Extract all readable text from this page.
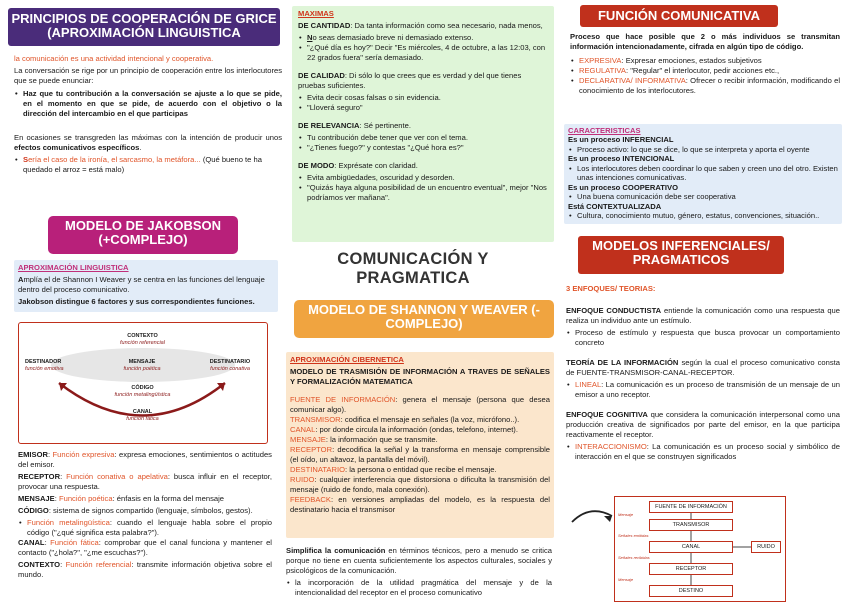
PRINCIPIOS DE COOPERACIÓN DE GRICE (APROXIMACIÓN LINGUISTICA

la comunicación es una actividad intencional y cooperativa.

La conversación se rige por un principio de cooperación entre los interlocutores que se puede enunciar:

• Haz que tu contribución a la conversación se ajuste a lo que se pide, en el momento en que se pide, de acuerdo con el objetivo o la dirección del intercambio en el que participas

En ocasiones se transgreden las máximas con la intención de producir unos efectos comunicativos específicos.

• Sería el caso de la ironía, el sarcasmo, la metáfora... (Qué bueno te ha quedado el arroz = está malo)
MODELO DE JAKOBSON (+COMPLEJO)

APROXIMACIÓN LINGUISTICA

Amplía el de Shannon I Weaver y se centra en las funciones del lenguaje dentro del proceso comunicativo.

Jakobson distingue 6 factores y sus correspondientes funciones.

CONTEXTO
función referencial
DESTINADOR
función emotiva
MENSAJE
función poética
DESTINATARIO
función conativa
CÓDIGO
función metalingüística
CANAL
función fática

EMISOR: Función expresiva: expresa emociones, sentimientos o actitudes del emisor.

RECEPTOR: Función conativa o apelativa: busca influir en el receptor, provocar una respuesta.

MENSAJE: Función poética: énfasis en la forma del mensaje

CÓDIGO: sistema de signos compartido (lenguaje, símbolos, gestos).

• Función metalingüística: cuando el lenguaje habla sobre el propio código ("¿qué significa esta palabra?").

CANAL: Función fática: comprobar que el canal funciona y mantener el contacto ("¿hola?", "¿me escuchas?").

CONTEXTO: Función referencial: transmite información objetiva sobre el mundo.

MAXIMAS

DE CANTIDAD: Da tanta información como sea necesario, nada menos,

• No seas demasiado breve ni demasiado extenso.
• "¿Qué día es hoy?" Decir "Es miércoles, 4 de octubre, a las 12:03, con 22 grados fuera" sería demasiado.

DE CALIDAD: Di sólo lo que crees que es verdad y del que tienes pruebas suficientes.

• Evita decir cosas falsas o sin evidencia.
• "Lloverá seguro"

DE RELEVANCIA: Sé pertinente.

• Tu contribución debe tener que ver con el tema.
• "¿Tienes fuego?" y contestas "¿Qué hora es?"

DE MODO: Exprésate con claridad.

• Evita ambigüedades, oscuridad y desorden.
• "Quizás haya alguna posibilidad de un encuentro eventual", mejor "Nos podríamos ver mañana".
COMUNICACIÓN Y PRAGMATICA
MODELO DE SHANNON Y WEAVER (- COMPLEJO)

APROXIMACIÓN CIBERNETICA

MODELO DE TRASMISIÓN DE INFORMACIÓN A TRAVES DE SEÑALES Y FORMALIZACIÓN MATEMATICA

FUENTE DE INFORMACIÓN: genera el mensaje (persona que desea comunicar algo).

TRANSMISOR: codifica el mensaje en señales (la voz, micrófono..).

CANAL: por donde circula la información (ondas, telefono, internet).

MENSAJE: la información que se transmite.

RECEPTOR: decodifica la señal y la transforma en mensaje comprensible (el oído, un altavoz, la pantalla del móvil).

DESTINATARIO: la persona o entidad que recibe el mensaje.

RUIDO: cualquier interferencia que distorsiona o dificulta la transmisión del mensaje (ruido de fondo, mala conexión).

FEEDBACK: en versiones ampliadas del modelo, es la respuesta del destinatario hacia el transmisor

Simplifica la comunicación en términos técnicos, pero a menudo se critica porque no tiene en cuenta suficientemente los aspectos culturales, sociales y psicológicos de la comunicación.

• la incorporación de la utilidad pragmática del mensaje y de la intencionalidad del receptor en el proceso comunicativo
FUNCIÓN COMUNICATIVA

Proceso que hace posible que 2 o más individuos se transmitan información intencionadamente, cifrada en algún tipo de código.

• EXPRESIVA: Expresar emociones, estados subjetivos
• REGULATIVA: "Regular" el interlocutor, pedir acciones etc.,
• DECLARATIVA/ INFORMATIVA: Ofrecer o recibir información, modificando el conocimiento de los interlocutores.

CARACTERISTICAS

Es un proceso INFERENCIAL

• Proceso activo: lo que se dice, lo que se interpreta y aporta el oyente

Es un proceso INTENCIONAL

• Los interlocutores deben coordinar lo que saben y creen uno del otro. Existen unas intenciones comunicativas.

Es un proceso COOPERATIVO

• Una buena comunicación debe ser cooperativa

Está CONTEXTUALIZADA

• Cultura, conocimiento mutuo, género, estatus, convenciones, situación..
MODELOS INFERENCIALES/ PRAGMATICOS

3 ENFOQUES/ TEORIAS:

ENFOQUE CONDUCTISTA entiende la comunicación como una respuesta que realiza un individuo ante un estímulo.

• Proceso de estímulo y respuesta que busca provocar un comportamiento concreto

TEORÍA DE LA INFORMACIÓN según la cual el proceso comunicativo consta de FUENTE-TRANSMISOR-CANAL-RECEPTOR.

• LINEAL: La comunicación es un proceso de transmisión de un mensaje de un emisor a uno receptor.

ENFOQUE COGNITIVA que considera la comunicación interpersonal como una producción creativa de significados por parte del emisor, en la que participa reactivamente el receptor.

• INTERACCIONISMO: La comunicación es un proceso social y simbólico de interacción en el que se construyen significados
FUENTE DE INFORMACIÓN
TRANSMISOR
CANAL
RECEPTOR
DESTINO
RUIDO
Mensaje
Señales emitidas
Señales recibidas
Mensaje
